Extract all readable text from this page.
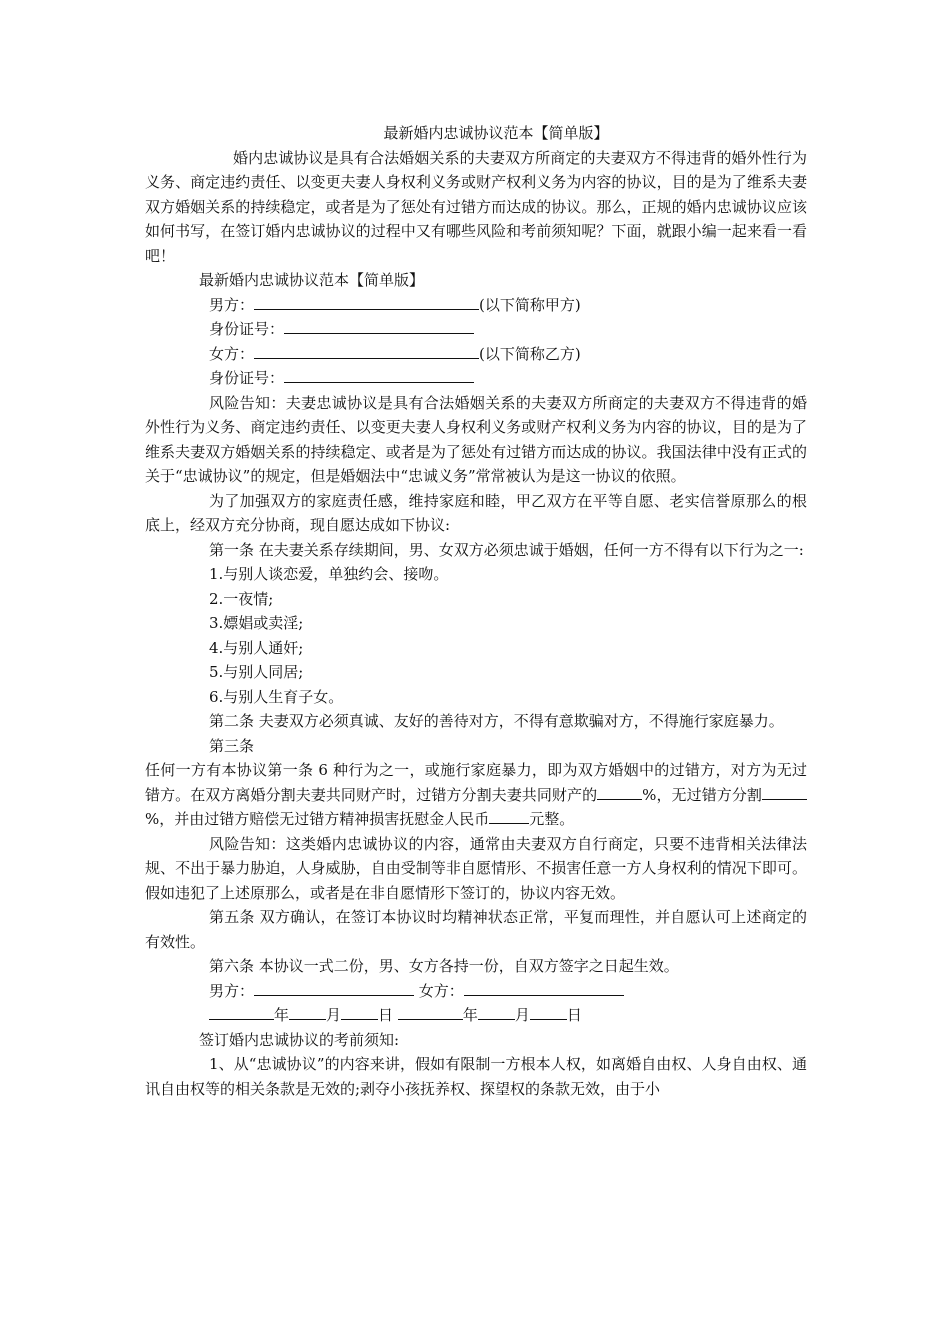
最新婚内忠诚协议范本【简单版】

婚内忠诚协议是具有合法婚姻关系的夫妻双方所商定的夫妻双方不得违背的婚外性行为义务、商定违约责任、以变更夫妻人身权利义务或财产权利义务为内容的协议，目的是为了维系夫妻双方婚姻关系的持续稳定，或者是为了惩处有过错方而达成的协议。那么，正规的婚内忠诚协议应该如何书写，在签订婚内忠诚协议的过程中又有哪些风险和考前须知呢？下面，就跟小编一起来看一看吧！

最新婚内忠诚协议范本【简单版】

男方：	(以下简称甲方)

身份证号：

女方：	(以下简称乙方)

身份证号：

风险告知：夫妻忠诚协议是具有合法婚姻关系的夫妻双方所商定的夫妻双方不得违背的婚外性行为义务、商定违约责任、以变更夫妻人身权利义务或财产权利义务为内容的协议，目的是为了维系夫妻双方婚姻关系的持续稳定、或者是为了惩处有过错方而达成的协议。我国法律中没有正式的关于“忠诚协议”的规定，但是婚姻法中“忠诚义务”常常被认为是这一协议的依照。

为了加强双方的家庭责任感，维持家庭和睦，甲乙双方在平等自愿、老实信誉原那么的根底上，经双方充分协商，现自愿达成如下协议:

第一条 在夫妻关系存续期间，男、女双方必须忠诚于婚姻，任何一方不得有以下行为之一:

1.与别人谈恋爱，单独约会、接吻。

2.一夜情;

3.嫖娼或卖淫;

4.与别人通奸;

5.与别人同居;

6.与别人生育子女。

第二条 夫妻双方必须真诚、友好的善待对方，不得有意欺骗对方，不得施行家庭暴力。

第三条

任何一方有本协议第一条 6 种行为之一，或施行家庭暴力，即为双方婚姻中的过错方，对方为无过错方。在双方离婚分割夫妻共同财产时，过错方分割夫妻共同财产的	%，无过错方分割%，并由过错方赔偿无过错方精神损害抚慰金人民币	元整。

风险告知：这类婚内忠诚协议的内容，通常由夫妻双方自行商定，只要不违背相关法律法规、不出于暴力胁迫，人身威胁，自由受制等非自愿情形、不损害任意一方人身权利的情况下即可。假如违犯了上述原那么，或者是在非自愿情形下签订的，协议内容无效。

第五条 双方确认，在签订本协议时均精神状态正常，平复而理性，并自愿认可上述商定的有效性。

第六条 本协议一式二份，男、女方各持一份，自双方签字之日起生效。

男方：	女方：

年 月 日	年 月 日

签订婚内忠诚协议的考前须知:

1、从“忠诚协议”的内容来讲，假如有限制一方根本人权，如离婚自由权、人身自由权、通讯自由权等的相关条款是无效的;剥夺小孩抚养权、探望权的条款无效，由于小
